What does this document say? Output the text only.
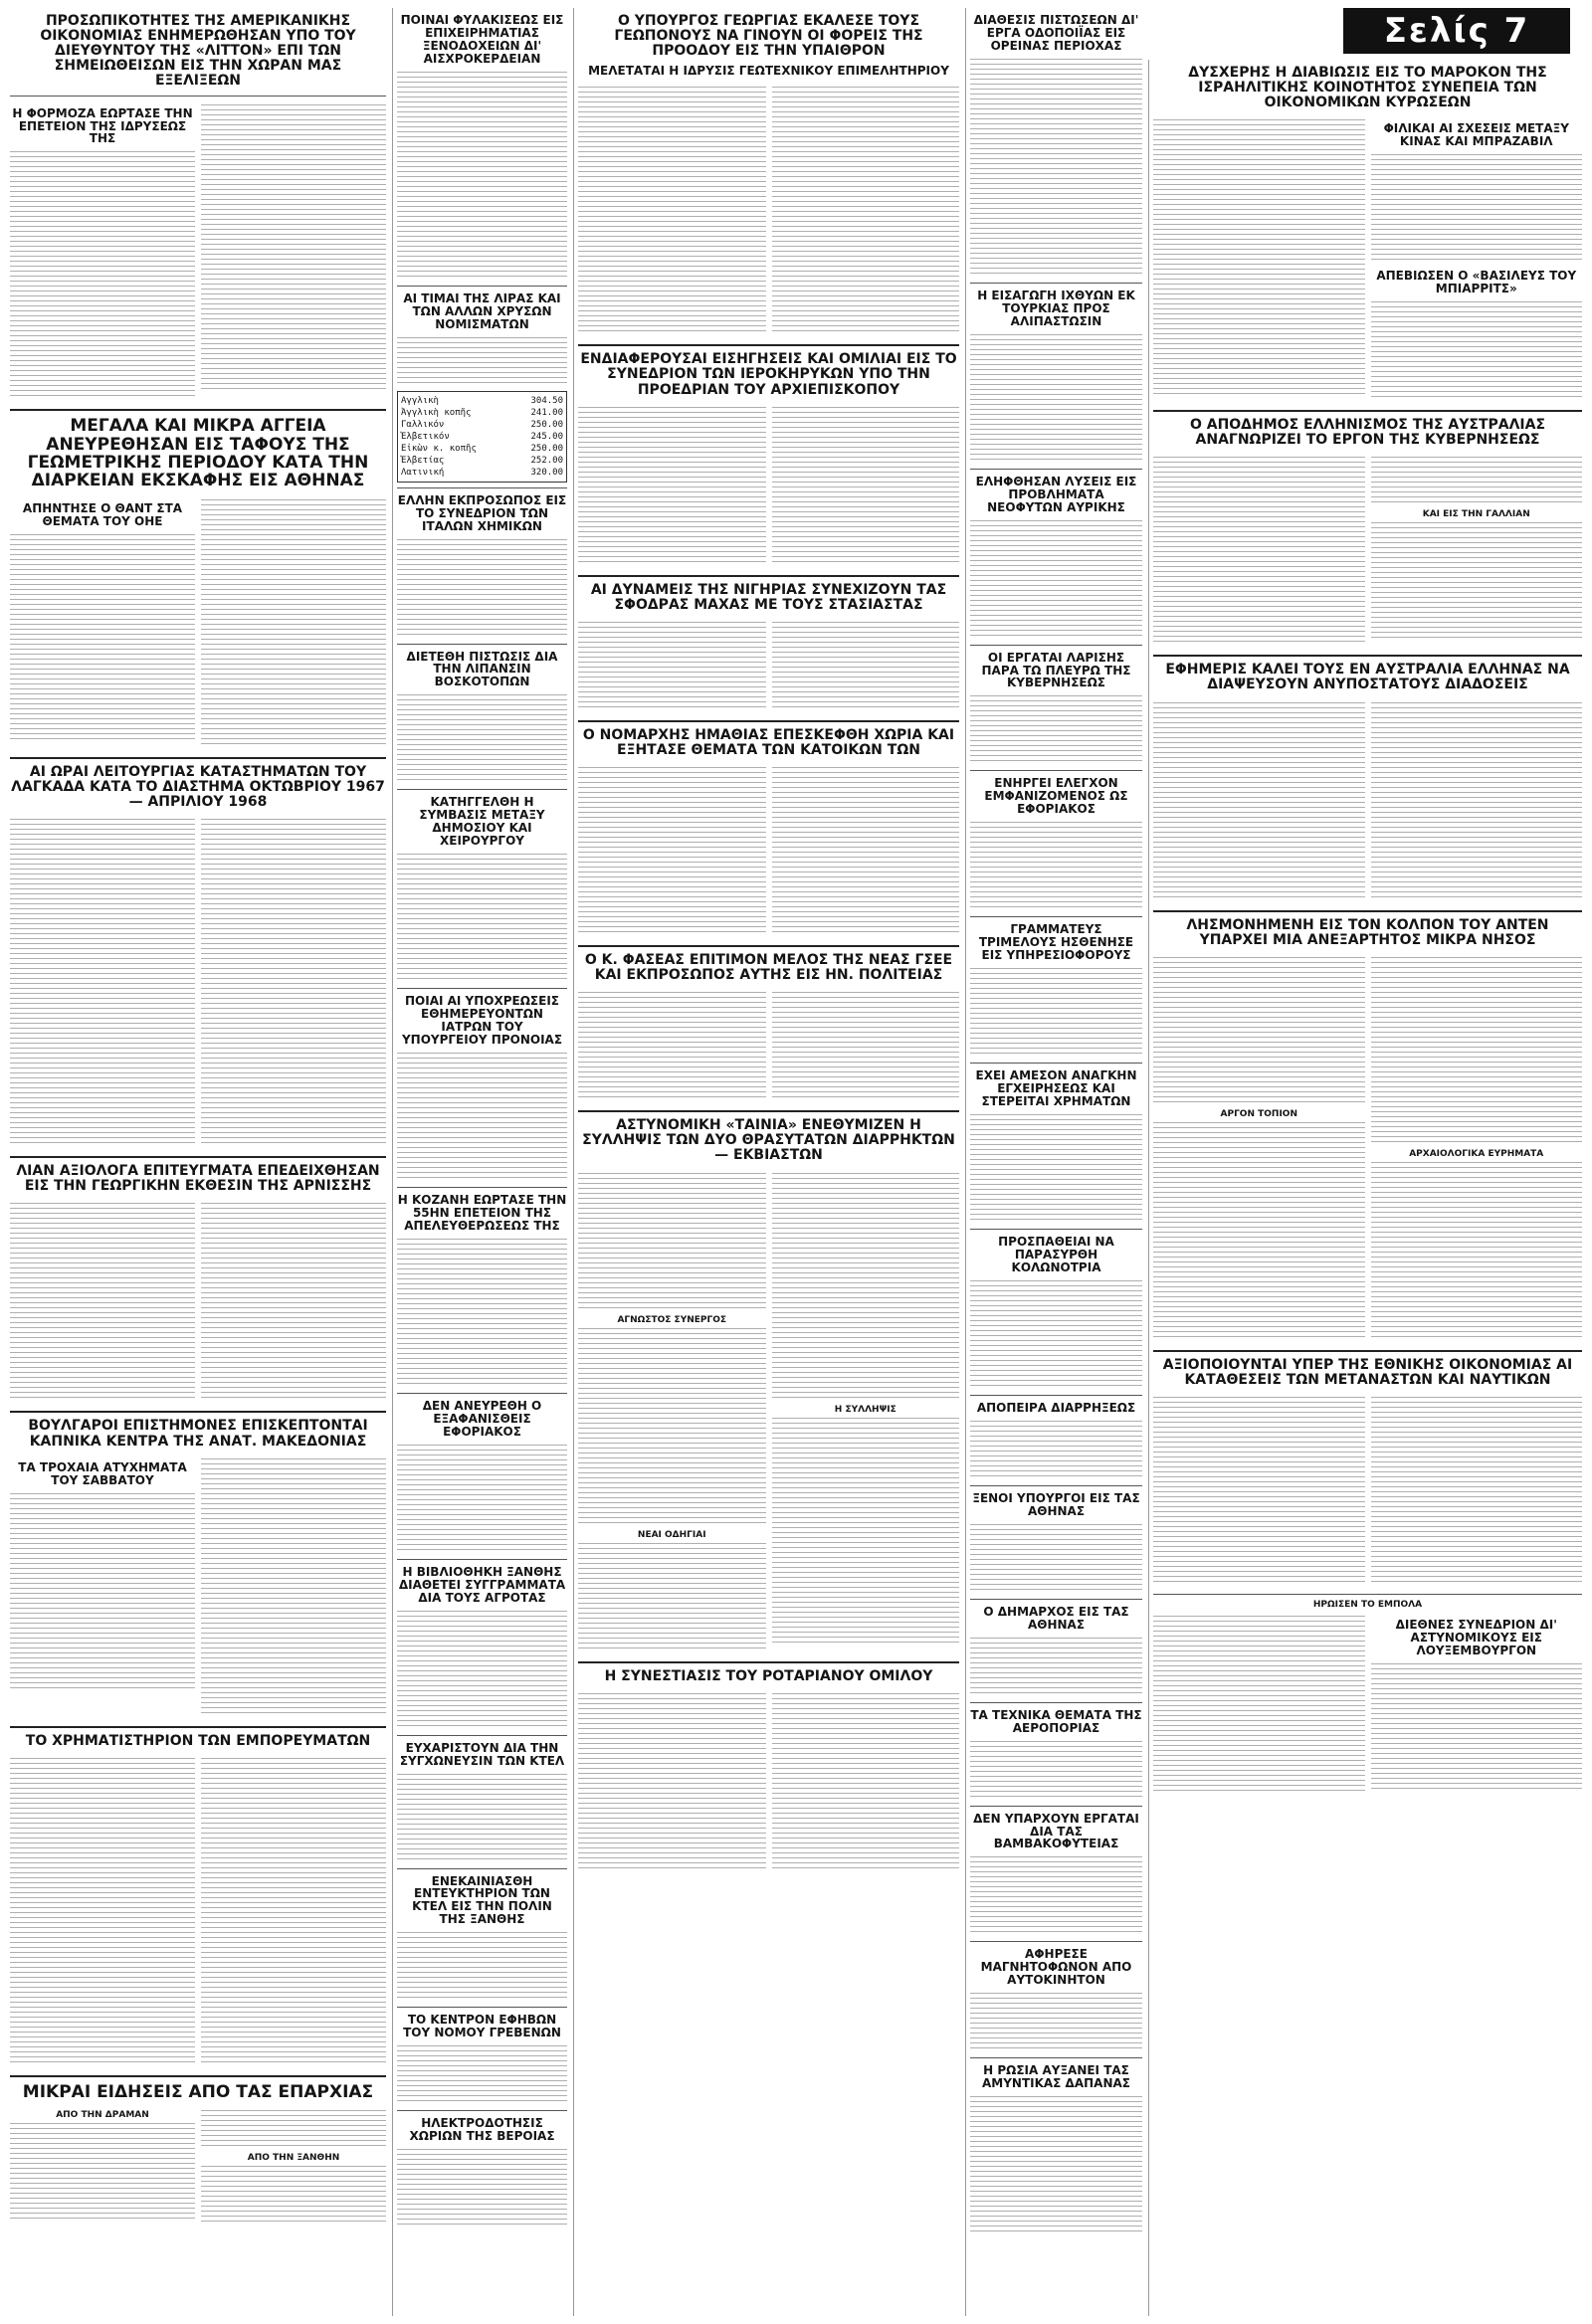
Σελίς 7
ΠΡΟΣΩΠΙΚΟΤΗΤΕΣ ΤΗΣ ΑΜΕΡΙΚΑΝΙΚΗΣ ΟΙΚΟΝΟΜΙΑΣ ΕΝΗΜΕΡΩΘΗΣΑΝ ΥΠΟ ΤΟΥ ΔΙΕΥΘΥΝΤΟΥ ΤΗΣ «ΛΙΤΤΟΝ» ΕΠΙ ΤΩΝ ΣΗΜΕΙΩΘΕΙΣΩΝ ΕΙΣ ΤΗΝ ΧΩΡΑΝ ΜΑΣ ΕΞΕΛΙΞΕΩΝ
Η ΦΟΡΜΟΖΑ ΕΩΡΤΑΣΕ ΤΗΝ ΕΠΕΤΕΙΟΝ ΤΗΣ ΙΔΡΥΣΕΩΣ ΤΗΣ
ΜΕΓΑΛΑ ΚΑΙ ΜΙΚΡΑ ΑΓΓΕΙΑ ΑΝΕΥΡΕΘΗΣΑΝ ΕΙΣ ΤΑΦΟΥΣ ΤΗΣ ΓΕΩΜΕΤΡΙΚΗΣ ΠΕΡΙΟΔΟΥ ΚΑΤΑ ΤΗΝ ΔΙΑΡΚΕΙΑΝ ΕΚΣΚΑΦΗΣ ΕΙΣ ΑΘΗΝΑΣ
ΑΠΗΝΤΗΣΕ Ο ΘΑΝΤ ΣΤΑ ΘΕΜΑΤΑ ΤΟΥ ΟΗΕ
ΑΙ ΩΡΑΙ ΛΕΙΤΟΥΡΓΙΑΣ ΚΑΤΑΣΤΗΜΑΤΩΝ ΤΟΥ ΛΑΓΚΑΔΑ ΚΑΤΑ ΤΟ ΔΙΑΣΤΗΜΑ ΟΚΤΩΒΡΙΟΥ 1967 — ΑΠΡΙΛΙΟΥ 1968
ΛΙΑΝ ΑΞΙΟΛΟΓΑ ΕΠΙΤΕΥΓΜΑΤΑ ΕΠΕΔΕΙΧΘΗΣΑΝ ΕΙΣ ΤΗΝ ΓΕΩΡΓΙΚΗΝ ΕΚΘΕΣΙΝ ΤΗΣ ΑΡΝΙΣΣΗΣ
ΒΟΥΛΓΑΡΟΙ ΕΠΙΣΤΗΜΟΝΕΣ ΕΠΙΣΚΕΠΤΟΝΤΑΙ ΚΑΠΝΙΚΑ ΚΕΝΤΡΑ ΤΗΣ ΑΝΑΤ. ΜΑΚΕΔΟΝΙΑΣ
ΤΑ ΤΡΟΧΑΙΑ ΑΤΥΧΗΜΑΤΑ ΤΟΥ ΣΑΒΒΑΤΟΥ
ΤΟ ΧΡΗΜΑΤΙΣΤΗΡΙΟΝ ΤΩΝ ΕΜΠΟΡΕΥΜΑΤΩΝ
ΜΙΚΡΑΙ ΕΙΔΗΣΕΙΣ ΑΠΟ ΤΑΣ ΕΠΑΡΧΙΑΣ
ΑΠΟ ΤΗΝ ΔΡΑΜΑΝ
ΑΠΟ ΤΗΝ ΞΑΝΘΗΝ
ΠΟΙΝΑΙ ΦΥΛΑΚΙΣΕΩΣ ΕΙΣ ΕΠΙΧΕΙΡΗΜΑΤΙΑΣ ΞΕΝΟΔΟΧΕΙΩΝ ΔΙ' ΑΙΣΧΡΟΚΕΡΔΕΙΑΝ
ΑΙ ΤΙΜΑΙ ΤΗΣ ΛΙΡΑΣ ΚΑΙ ΤΩΝ ΑΛΛΩΝ ΧΡΥΣΩΝ ΝΟΜΙΣΜΑΤΩΝ
Αγγλικὴ	304.50
Ἀγγλικὴ κοπῆς	241.00
Γαλλικόν	250.00
Ἑλβετικόν	245.00
Εἰκὼν κ. κοπῆς	250.00
Ἑλβετίας	252.00
Λατινική	320.00
ΕΛΛΗΝ ΕΚΠΡΟΣΩΠΟΣ ΕΙΣ ΤΟ ΣΥΝΕΔΡΙΟΝ ΤΩΝ ΙΤΑΛΩΝ ΧΗΜΙΚΩΝ
ΔΙΕΤΕΘΗ ΠΙΣΤΩΣΙΣ ΔΙΑ ΤΗΝ ΛΙΠΑΝΣΙΝ ΒΟΣΚΟΤΟΠΩΝ
ΚΑΤΗΓΓΕΛΘΗ Η ΣΥΜΒΑΣΙΣ ΜΕΤΑΞΥ ΔΗΜΟΣΙΟΥ ΚΑΙ ΧΕΙΡΟΥΡΓΟΥ
ΠΟΙΑΙ ΑΙ ΥΠΟΧΡΕΩΣΕΙΣ ΕΘΗΜΕΡΕΥΟΝΤΩΝ ΙΑΤΡΩΝ ΤΟΥ ΥΠΟΥΡΓΕΙΟΥ ΠΡΟΝΟΙΑΣ
Η ΚΟΖΑΝΗ ΕΩΡΤΑΣΕ ΤΗΝ 55ΗΝ ΕΠΕΤΕΙΟΝ ΤΗΣ ΑΠΕΛΕΥΘΕΡΩΣΕΩΣ ΤΗΣ
ΔΕΝ ΑΝΕΥΡΕΘΗ Ο ΕΞΑΦΑΝΙΣΘΕΙΣ ΕΦΟΡΙΑΚΟΣ
Η ΒΙΒΛΙΟΘΗΚΗ ΞΑΝΘΗΣ ΔΙΑΘΕΤΕΙ ΣΥΓΓΡΑΜΜΑΤΑ ΔΙΑ ΤΟΥΣ ΑΓΡΟΤΑΣ
ΕΥΧΑΡΙΣΤΟΥΝ ΔΙΑ ΤΗΝ ΣΥΓΧΩΝΕΥΣΙΝ ΤΩΝ ΚΤΕΛ
ΕΝΕΚΑΙΝΙΑΣΘΗ ΕΝΤΕΥΚΤΗΡΙΟΝ ΤΩΝ ΚΤΕΛ ΕΙΣ ΤΗΝ ΠΟΛΙΝ ΤΗΣ ΞΑΝΘΗΣ
ΤΟ ΚΕΝΤΡΟΝ ΕΦΗΒΩΝ ΤΟΥ ΝΟΜΟΥ ΓΡΕΒΕΝΩΝ
ΗΛΕΚΤΡΟΔΟΤΗΣΙΣ ΧΩΡΙΩΝ ΤΗΣ ΒΕΡΟΙΑΣ
Ο ΥΠΟΥΡΓΟΣ ΓΕΩΡΓΙΑΣ ΕΚΑΛΕΣΕ ΤΟΥΣ ΓΕΩΠΟΝΟΥΣ ΝΑ ΓΙΝΟΥΝ ΟΙ ΦΟΡΕΙΣ ΤΗΣ ΠΡΟΟΔΟΥ ΕΙΣ ΤΗΝ ΥΠΑΙΘΡΟΝ
ΜΕΛΕΤΑΤΑΙ Η ΙΔΡΥΣΙΣ ΓΕΩΤΕΧΝΙΚΟΥ ΕΠΙΜΕΛΗΤΗΡΙΟΥ
ΕΝΔΙΑΦΕΡΟΥΣΑΙ ΕΙΣΗΓΗΣΕΙΣ ΚΑΙ ΟΜΙΛΙΑΙ ΕΙΣ ΤΟ ΣΥΝΕΔΡΙΟΝ ΤΩΝ ΙΕΡΟΚΗΡΥΚΩΝ ΥΠΟ ΤΗΝ ΠΡΟΕΔΡΙΑΝ ΤΟΥ ΑΡΧΙΕΠΙΣΚΟΠΟΥ
ΑΙ ΔΥΝΑΜΕΙΣ ΤΗΣ ΝΙΓΗΡΙΑΣ ΣΥΝΕΧΙΖΟΥΝ ΤΑΣ ΣΦΟΔΡΑΣ ΜΑΧΑΣ ΜΕ ΤΟΥΣ ΣΤΑΣΙΑΣΤΑΣ
Ο ΝΟΜΑΡΧΗΣ ΗΜΑΘΙΑΣ ΕΠΕΣΚΕΦΘΗ ΧΩΡΙΑ ΚΑΙ ΕΞΗΤΑΣΕ ΘΕΜΑΤΑ ΤΩΝ ΚΑΤΟΙΚΩΝ ΤΩΝ
Ο Κ. ΦΑΣΕΑΣ ΕΠΙΤΙΜΟΝ ΜΕΛΟΣ ΤΗΣ ΝΕΑΣ ΓΣΕΕ ΚΑΙ ΕΚΠΡΟΣΩΠΟΣ ΑΥΤΗΣ ΕΙΣ ΗΝ. ΠΟΛΙΤΕΙΑΣ
ΑΣΤΥΝΟΜΙΚΗ «ΤΑΙΝΙΑ» ΕΝΕΘΥΜΙΖΕΝ Η ΣΥΛΛΗΨΙΣ ΤΩΝ ΔΥΟ ΘΡΑΣΥΤΑΤΩΝ ΔΙΑΡΡΗΚΤΩΝ — ΕΚΒΙΑΣΤΩΝ
ΑΓΝΩΣΤΟΣ ΣΥΝΕΡΓΟΣ
ΝΕΑΙ ΟΔΗΓΙΑΙ
Η ΣΥΛΛΗΨΙΣ
Η ΣΥΝΕΣΤΙΑΣΙΣ ΤΟΥ ΡΟΤΑΡΙΑΝΟΥ ΟΜΙΛΟΥ
ΔΙΑΘΕΣΙΣ ΠΙΣΤΩΣΕΩΝ ΔΙ' ΕΡΓΑ ΟΔΟΠΟΙΪΑΣ ΕΙΣ ΟΡΕΙΝΑΣ ΠΕΡΙΟΧΑΣ
Η ΕΙΣΑΓΩΓΗ ΙΧΘΥΩΝ ΕΚ ΤΟΥΡΚΙΑΣ ΠΡΟΣ ΑΛΙΠΑΣΤΩΣΙΝ
ΕΛΗΦΘΗΣΑΝ ΛΥΣΕΙΣ ΕΙΣ ΠΡΟΒΛΗΜΑΤΑ ΝΕΟΦΥΤΩΝ ΑΥΡΙΚΗΣ
ΟΙ ΕΡΓΑΤΑΙ ΛΑΡΙΣΗΣ ΠΑΡΑ ΤΩ ΠΛΕΥΡΩ ΤΗΣ ΚΥΒΕΡΝΗΣΕΩΣ
ΕΝΗΡΓΕΙ ΕΛΕΓΧΟΝ ΕΜΦΑΝΙΖΟΜΕΝΟΣ ΩΣ ΕΦΟΡΙΑΚΟΣ
ΓΡΑΜΜΑΤΕΥΣ ΤΡΙΜΕΛΟΥΣ ΗΣΘΕΝΗΣΕ ΕΙΣ ΥΠΗΡΕΣΙΟΦΟΡΟΥΣ
ΕΧΕΙ ΑΜΕΣΟΝ ΑΝΑΓΚΗΝ ΕΓΧΕΙΡΗΣΕΩΣ ΚΑΙ ΣΤΕΡΕΙΤΑΙ ΧΡΗΜΑΤΩΝ
ΠΡΟΣΠΑΘΕΙΑΙ ΝΑ ΠΑΡΑΣΥΡΘΗ ΚΟΛΩΝΟΤΡΙΑ
ΑΠΟΠΕΙΡΑ ΔΙΑΡΡΗΞΕΩΣ
ΞΕΝΟΙ ΥΠΟΥΡΓΟΙ ΕΙΣ ΤΑΣ ΑΘΗΝΑΣ
Ο ΔΗΜΑΡΧΟΣ ΕΙΣ ΤΑΣ ΑΘΗΝΑΣ
ΤΑ ΤΕΧΝΙΚΑ ΘΕΜΑΤΑ ΤΗΣ ΑΕΡΟΠΟΡΙΑΣ
ΔΕΝ ΥΠΑΡΧΟΥΝ ΕΡΓΑΤΑΙ ΔΙΑ ΤΑΣ ΒΑΜΒΑΚΟΦΥΤΕΙΑΣ
ΑΦΗΡΕΣΕ ΜΑΓΝΗΤΟΦΩΝΟΝ ΑΠΟ ΑΥΤΟΚΙΝΗΤΟΝ
Η ΡΩΣΙΑ ΑΥΞΑΝΕΙ ΤΑΣ ΑΜΥΝΤΙΚΑΣ ΔΑΠΑΝΑΣ
ΔΥΣΧΕΡΗΣ Η ΔΙΑΒΙΩΣΙΣ ΕΙΣ ΤΟ ΜΑΡΟΚΟΝ ΤΗΣ ΙΣΡΑΗΛΙΤΙΚΗΣ ΚΟΙΝΟΤΗΤΟΣ ΣΥΝΕΠΕΙΑ ΤΩΝ ΟΙΚΟΝΟΜΙΚΩΝ ΚΥΡΩΣΕΩΝ
ΦΙΛΙΚΑΙ ΑΙ ΣΧΕΣΕΙΣ ΜΕΤΑΞΥ ΚΙΝΑΣ ΚΑΙ ΜΠΡΑΖΑΒΙΛ
ΑΠΕΒΙΩΣΕΝ Ο «ΒΑΣΙΛΕΥΣ ΤΟΥ ΜΠΙΑΡΡΙΤΣ»
Ο ΑΠΟΔΗΜΟΣ ΕΛΛΗΝΙΣΜΟΣ ΤΗΣ ΑΥΣΤΡΑΛΙΑΣ ΑΝΑΓΝΩΡΙΖΕΙ ΤΟ ΕΡΓΟΝ ΤΗΣ ΚΥΒΕΡΝΗΣΕΩΣ
ΚΑΙ ΕΙΣ ΤΗΝ ΓΑΛΛΙΑΝ
ΕΦΗΜΕΡΙΣ ΚΑΛΕΙ ΤΟΥΣ ΕΝ ΑΥΣΤΡΑΛΙΑ ΕΛΛΗΝΑΣ ΝΑ ΔΙΑΨΕΥΣΟΥΝ ΑΝΥΠΟΣΤΑΤΟΥΣ ΔΙΑΔΟΣΕΙΣ
ΛΗΣΜΟΝΗΜΕΝΗ ΕΙΣ ΤΟΝ ΚΟΛΠΟΝ ΤΟΥ ΑΝΤΕΝ ΥΠΑΡΧΕΙ ΜΙΑ ΑΝΕΞΑΡΤΗΤΟΣ ΜΙΚΡΑ ΝΗΣΟΣ
ΑΡΓΟΝ ΤΟΠΙΟΝ
ΑΡΧΑΙΟΛΟΓΙΚΑ ΕΥΡΗΜΑΤΑ
ΑΞΙΟΠΟΙΟΥΝΤΑΙ ΥΠΕΡ ΤΗΣ ΕΘΝΙΚΗΣ ΟΙΚΟΝΟΜΙΑΣ ΑΙ ΚΑΤΑΘΕΣΕΙΣ ΤΩΝ ΜΕΤΑΝΑΣΤΩΝ ΚΑΙ ΝΑΥΤΙΚΩΝ
ΗΡΩΙΣΕΝ ΤΟ ΕΜΠΟΛΑ
ΔΙΕΘΝΕΣ ΣΥΝΕΔΡΙΟΝ ΔΙ' ΑΣΤΥΝΟΜΙΚΟΥΣ ΕΙΣ ΛΟΥΞΕΜΒΟΥΡΓΟΝ
